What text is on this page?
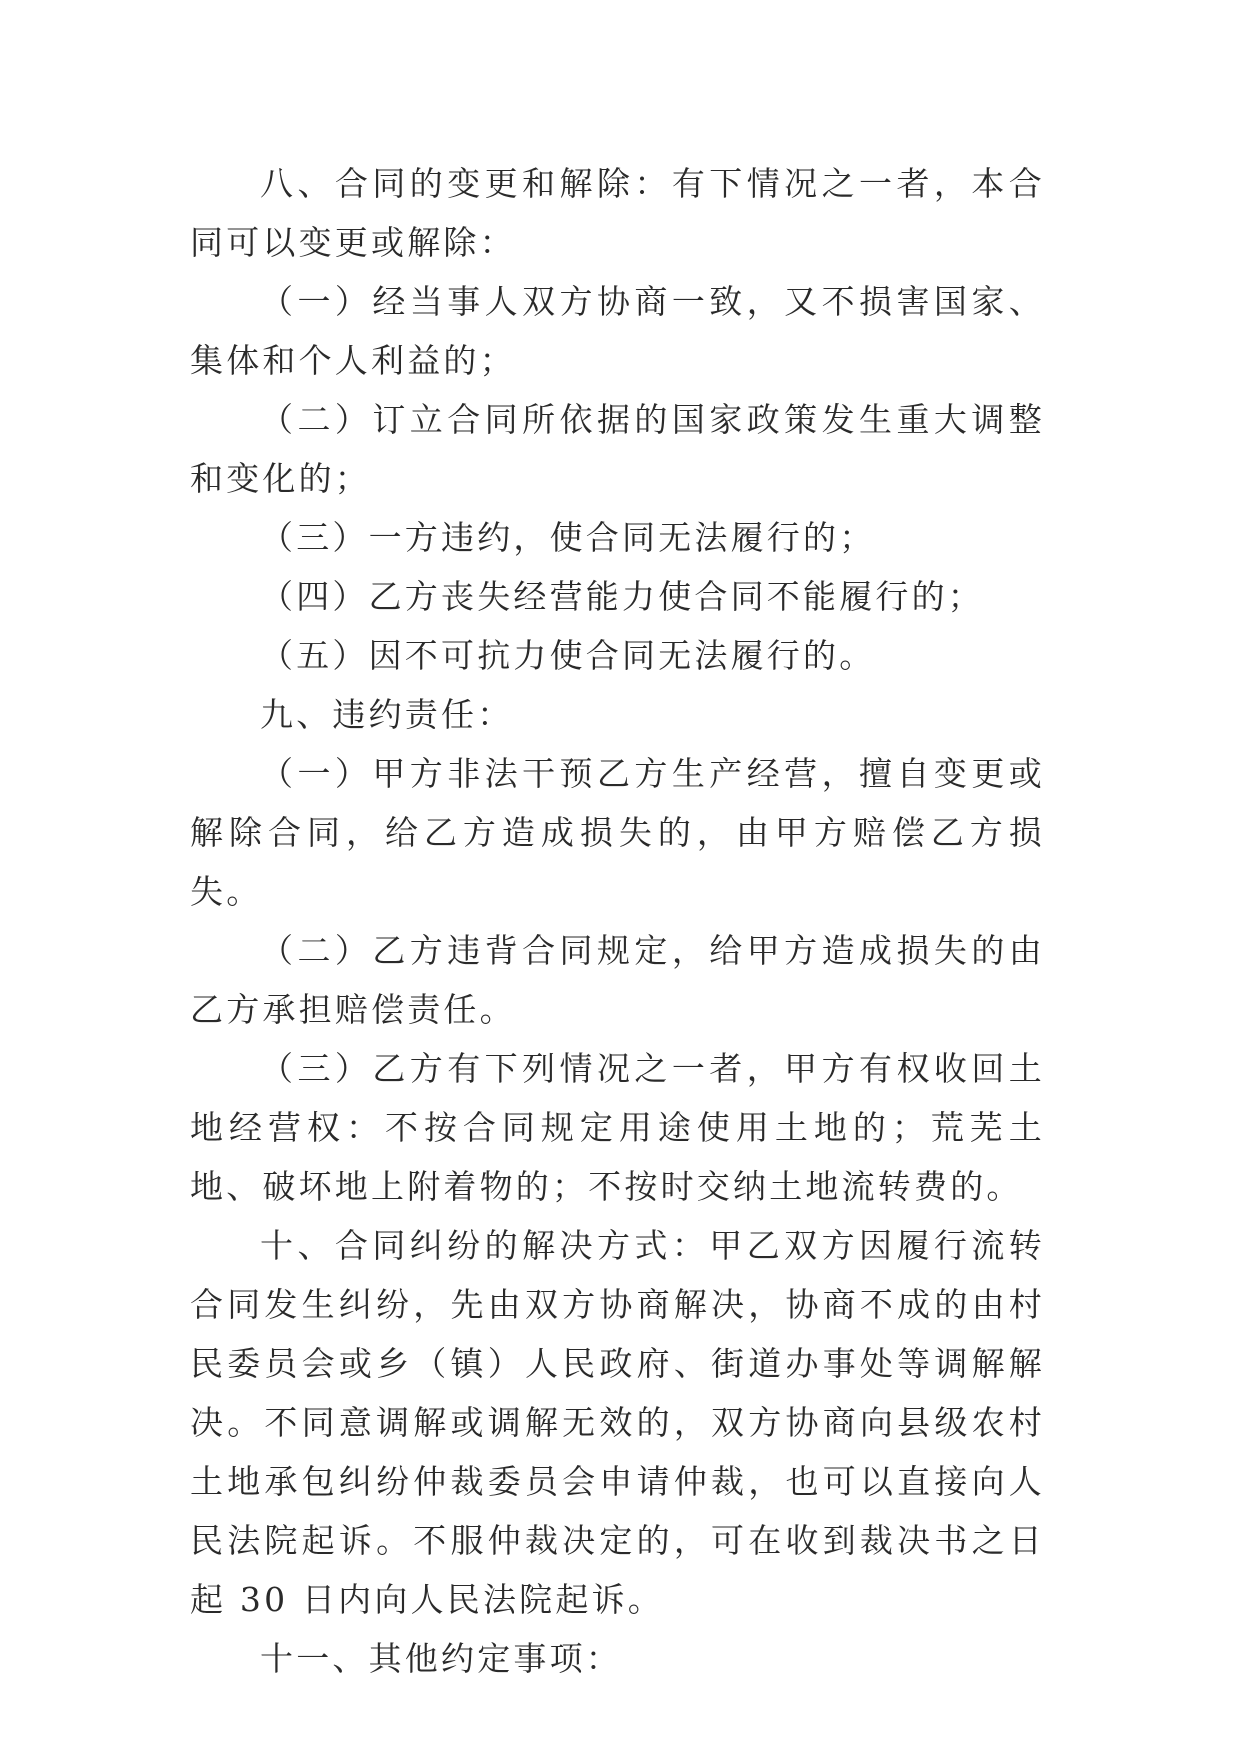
八、合同的变更和解除：有下情况之一者，本合同可以变更或解除：

（一）经当事人双方协商一致，又不损害国家、集体和个人利益的；

（二）订立合同所依据的国家政策发生重大调整和变化的；

（三）一方违约，使合同无法履行的；

（四）乙方丧失经营能力使合同不能履行的；

（五）因不可抗力使合同无法履行的。

九、违约责任：

（一）甲方非法干预乙方生产经营，擅自变更或解除合同，给乙方造成损失的，由甲方赔偿乙方损失。

（二）乙方违背合同规定，给甲方造成损失的由乙方承担赔偿责任。

（三）乙方有下列情况之一者，甲方有权收回土地经营权：不按合同规定用途使用土地的；荒芜土地、破坏地上附着物的；不按时交纳土地流转费的。

十、合同纠纷的解决方式：甲乙双方因履行流转合同发生纠纷，先由双方协商解决，协商不成的由村民委员会或乡（镇）人民政府、街道办事处等调解解决。不同意调解或调解无效的，双方协商向县级农村土地承包纠纷仲裁委员会申请仲裁，也可以直接向人民法院起诉。不服仲裁决定的，可在收到裁决书之日起 30 日内向人民法院起诉。

十一、其他约定事项：
